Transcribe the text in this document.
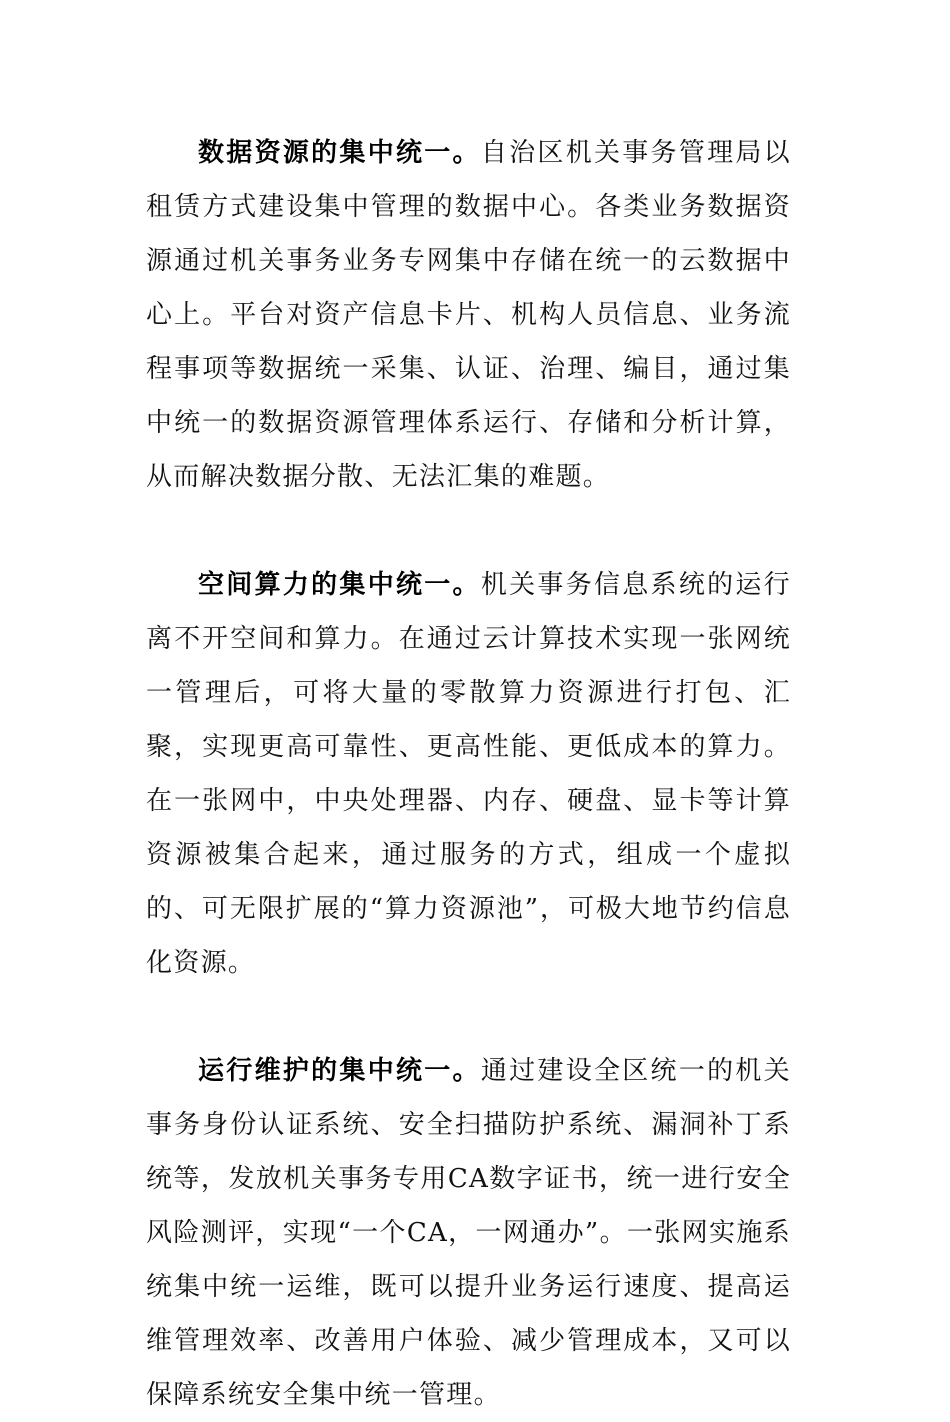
数据资源的集中统一。自治区机关事务管理局以租赁方式建设集中管理的数据中心。各类业务数据资源通过机关事务业务专网集中存储在统一的云数据中心上。平台对资产信息卡片、机构人员信息、业务流程事项等数据统一采集、认证、治理、编目，通过集中统一的数据资源管理体系运行、存储和分析计算，从而解决数据分散、无法汇集的难题。

空间算力的集中统一。机关事务信息系统的运行离不开空间和算力。在通过云计算技术实现一张网统一管理后，可将大量的零散算力资源进行打包、汇聚，实现更高可靠性、更高性能、更低成本的算力。在一张网中，中央处理器、内存、硬盘、显卡等计算资源被集合起来，通过服务的方式，组成一个虚拟的、可无限扩展的“算力资源池”，可极大地节约信息化资源。

运行维护的集中统一。通过建设全区统一的机关事务身份认证系统、安全扫描防护系统、漏洞补丁系统等，发放机关事务专用CA数字证书，统一进行安全风险测评，实现“一个CA，一网通办”。一张网实施系统集中统一运维，既可以提升业务运行速度、提高运维管理效率、改善用户体验、减少管理成本，又可以保障系统安全集中统一管理。
